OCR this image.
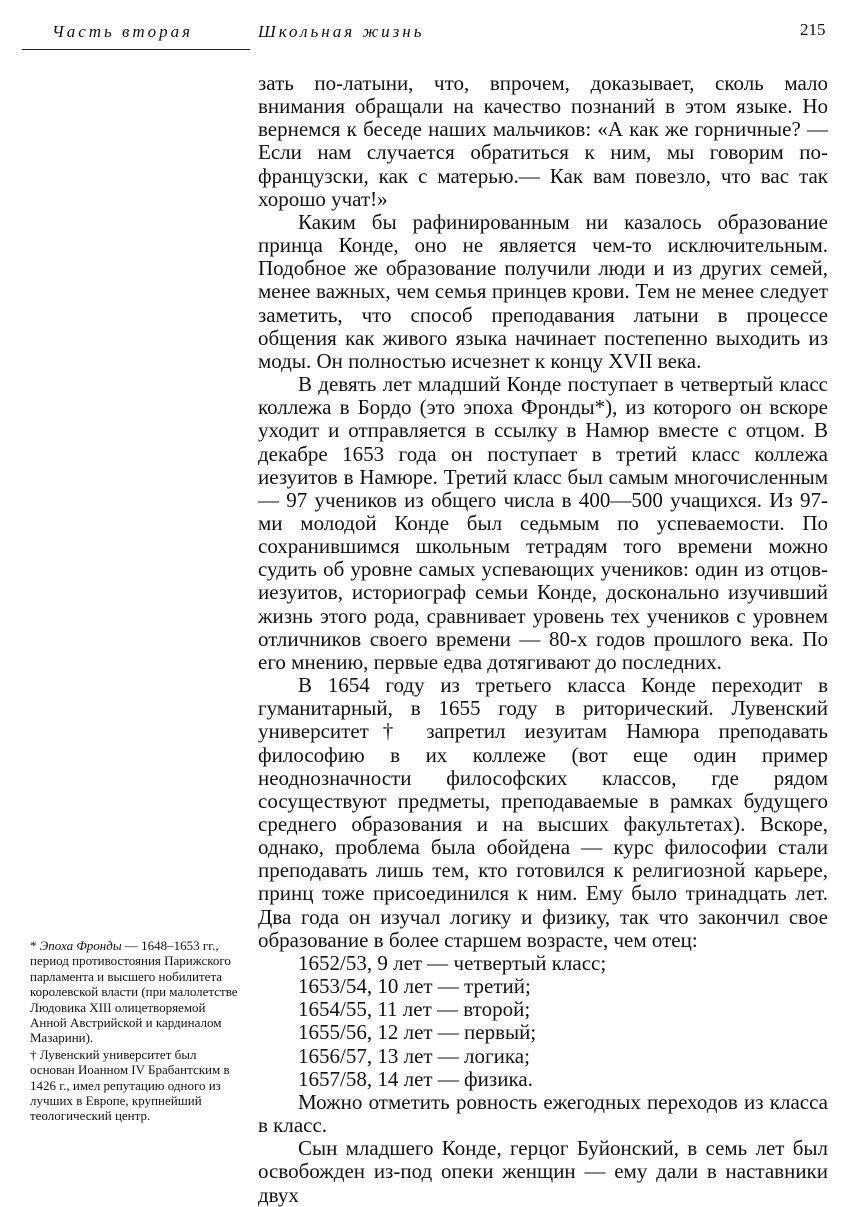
Часть вторая	Школьная жизнь	215

зать по-латыни, что, впрочем, доказывает, сколь мало внимания обращали на качество познаний в этом языке. Но вернемся к беседе наших мальчиков: «А как же горничные? — Если нам случается обратиться к ним, мы говорим по-французски, как с матерью.— Как вам повезло, что вас так хорошо учат!»

Каким бы рафинированным ни казалось образование принца Конде, оно не является чем-то исключительным. Подобное же образование получили люди и из других семей, менее важных, чем семья принцев крови. Тем не менее следует заметить, что способ преподавания латыни в процессе общения как живого языка начинает постепенно выходить из моды. Он полностью исчезнет к концу XVII века.

В девять лет младший Конде поступает в четвертый класс коллежа в Бордо (это эпоха Фронды*), из которого он вскоре уходит и отправляется в ссылку в Намюр вместе с отцом. В декабре 1653 года он поступает в третий класс коллежа иезуитов в Намюре. Третий класс был самым многочисленным — 97 учеников из общего числа в 400—500 учащихся. Из 97-ми молодой Конде был седьмым по успеваемости. По сохранившимся школьным тетрадям того времени можно судить об уровне самых успевающих учеников: один из отцов-иезуитов, историограф семьи Конде, досконально изучивший жизнь этого рода, сравнивает уровень тех учеников с уровнем отличников своего времени — 80-х годов прошлого века. По его мнению, первые едва дотягивают до последних.

В 1654 году из третьего класса Конде переходит в гуманитарный, в 1655 году в риторический. Лувенский университет† запретил иезуитам Намюра преподавать философию в их коллеже (вот еще один пример неоднозначности философских классов, где рядом сосуществуют предметы, преподаваемые в рамках будущего среднего образования и на высших факультетах). Вскоре, однако, проблема была обойдена — курс философии стали преподавать лишь тем, кто готовился к религиозной карьере, принц тоже присоединился к ним. Ему было тринадцать лет. Два года он изучал логику и физику, так что закончил свое образование в более старшем возрасте, чем отец:

1652/53, 9 лет — четвертый класс;
1653/54, 10 лет — третий;
1654/55, 11 лет — второй;
1655/56, 12 лет — первый;
1656/57, 13 лет — логика;
1657/58, 14 лет — физика.

Можно отметить ровность ежегодных переходов из класса в класс.

Сын младшего Конде, герцог Буйонский, в семь лет был освобожден из-под опеки женщин — ему дали в наставники двух

* Эпоха Фронды — 1648–1653 гг., период противостояния Парижского парламента и высшего нобилитета королевской власти (при малолетстве Людовика XIII олицетворяемой Анной Австрийской и кардиналом Мазарини).

† Лувенский университет был основан Иоанном IV Брабантским в 1426 г., имел репутацию одного из лучших в Европе, крупнейший теологический центр.
